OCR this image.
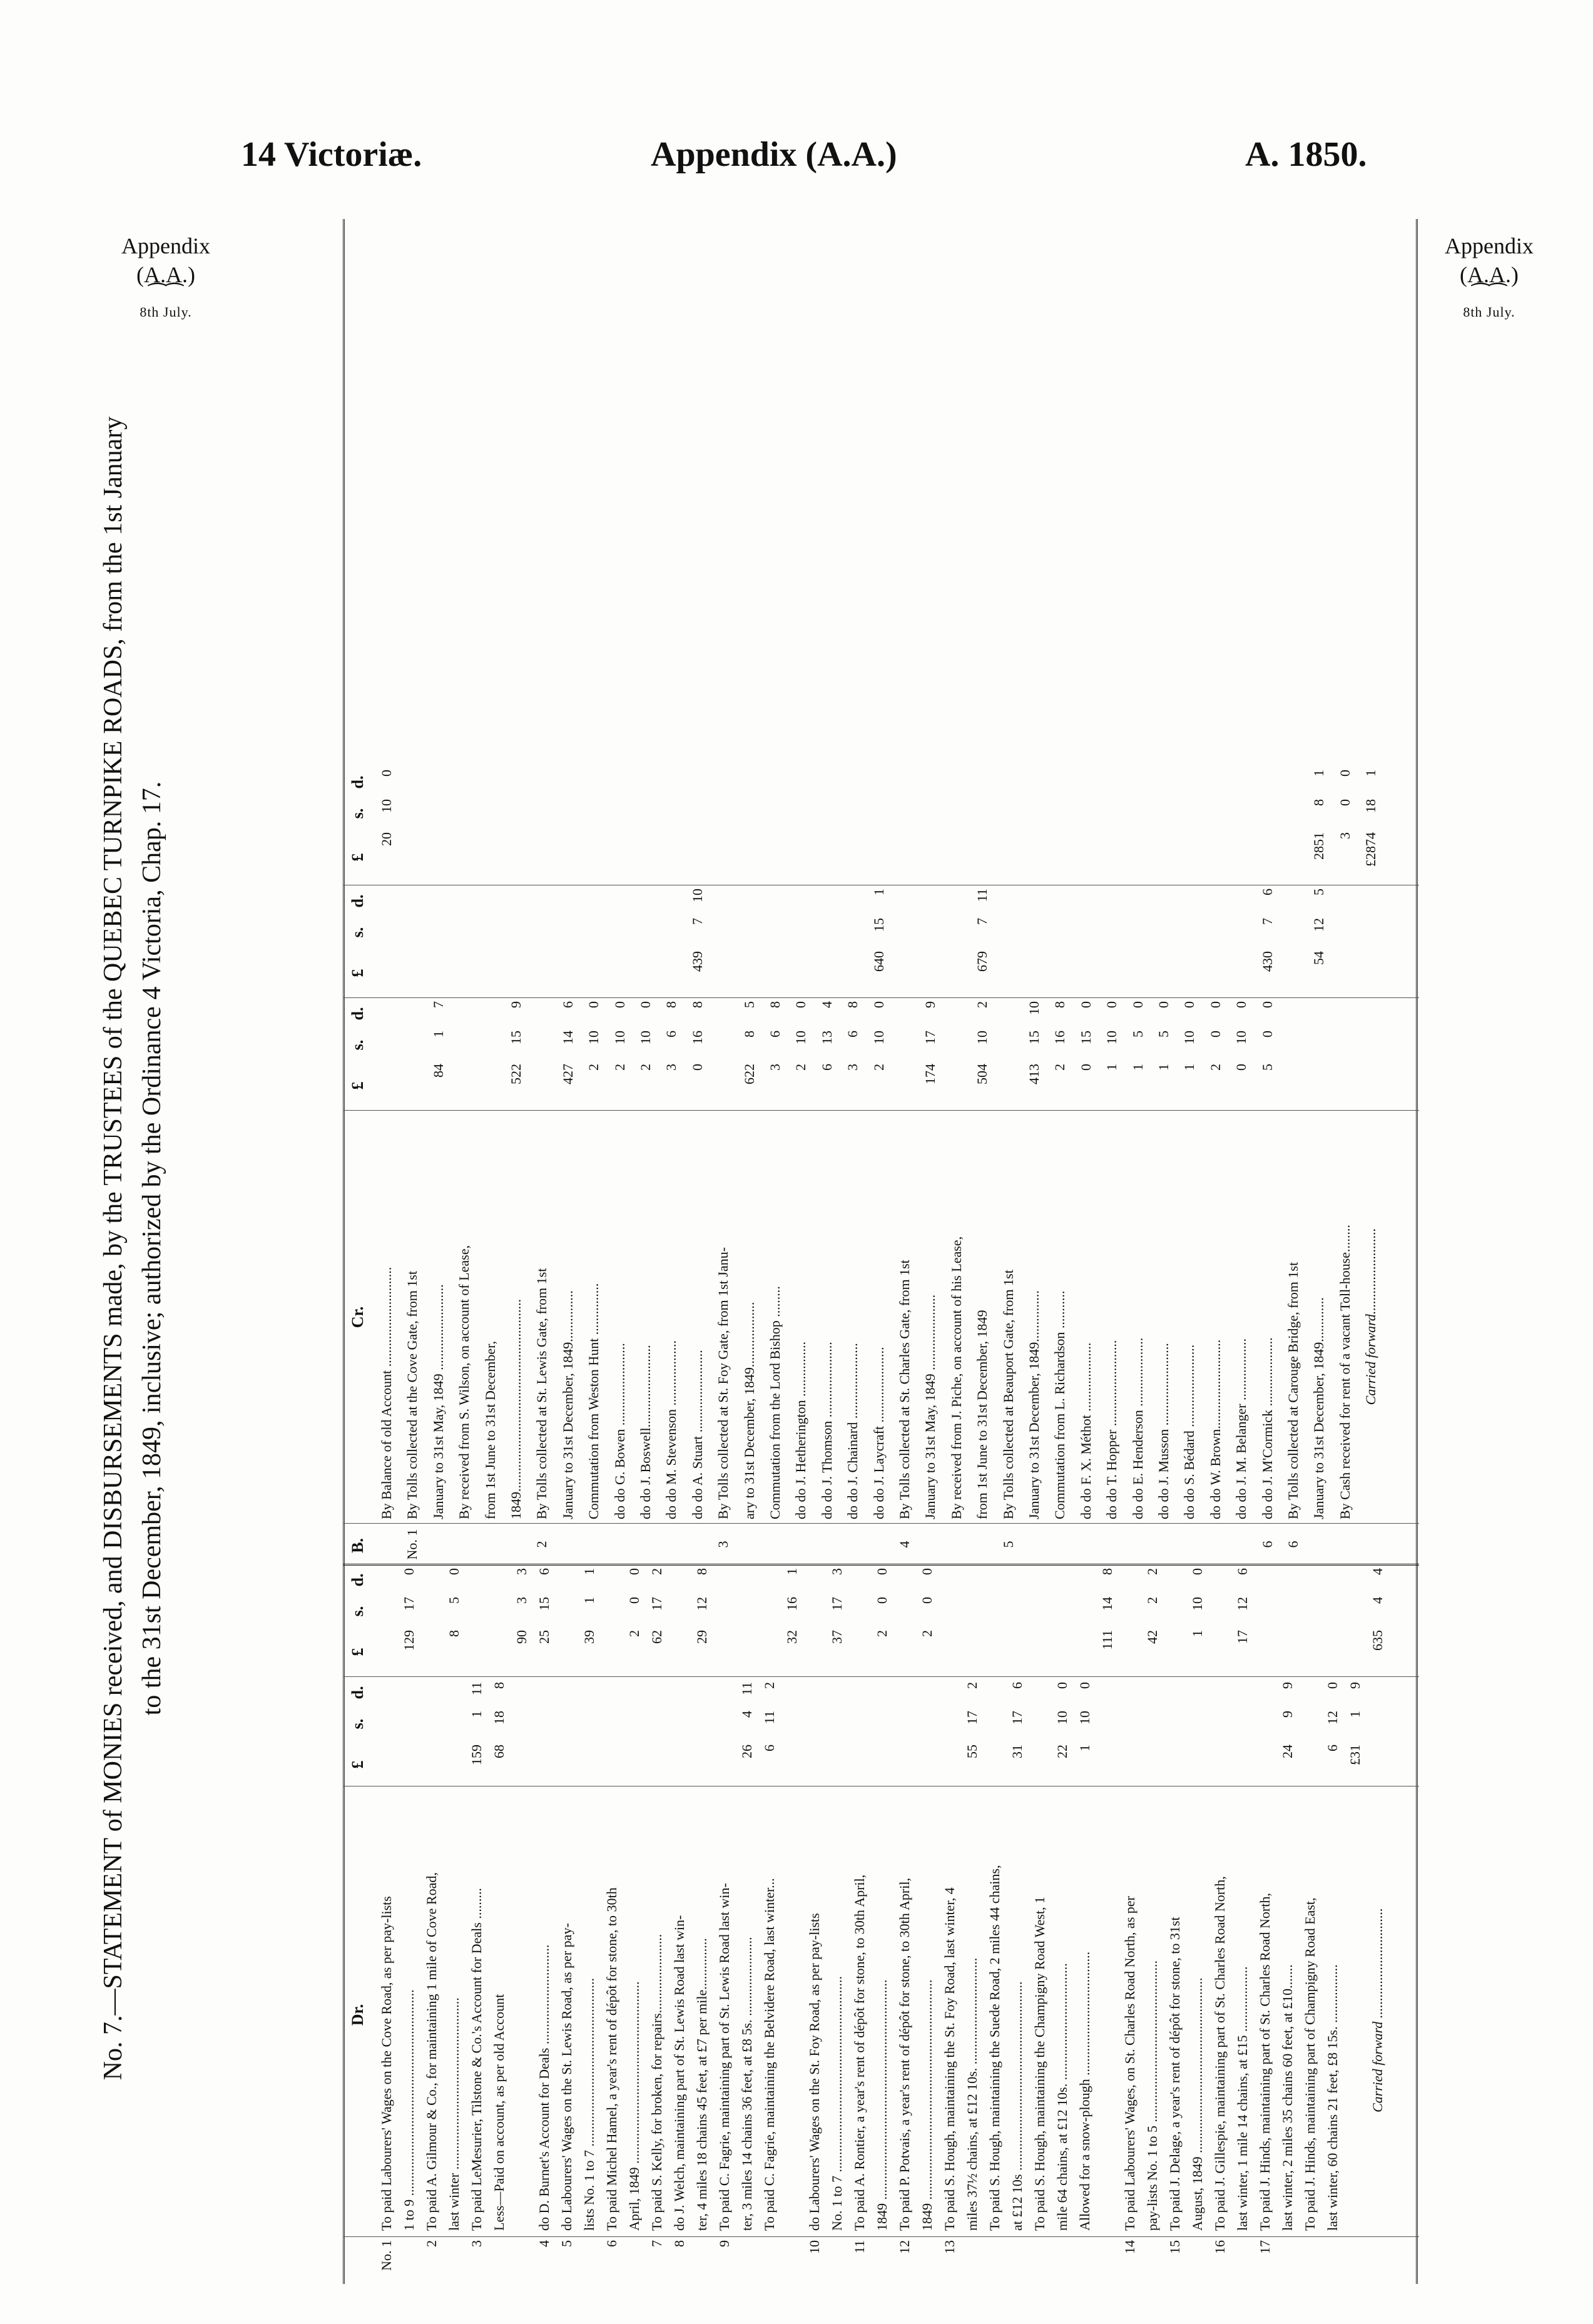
14 Victoriæ.	Appendix (A.A.)	A. 1850.
Appendix
(A.A.)
⁀⁀
8th July.
Appendix
(A.A.)
⁀⁀
8th July.
No. 7.—STATEMENT of MONIES received, and DISBURSEMENTS made, by the TRUSTEES of the QUEBEC TURNPIKE ROADS, from the 1st January to the 31st December, 1849, inclusive; authorized by the Ordinance 4 Victoria, Chap. 17.
Dr.
£
s.
d.
£
s.
d.
B.
Cr.
£
s.
d.
£
s.
d.
£
s.
d.
No. 1
To paid Labourers' Wages on the Cove Road, as per pay-lists 1 to 9 ............................................................
129
17
0
2
To paid A. Gilmour & Co., for maintaining 1 mile of Cove Road, last winter ..................................................
8
5
0
3
To paid LeMesurier, Tilstone & Co.'s Account for Deals .........
159
1
11
Less—Paid on account, as per old Account
68
18
8
90
3
3
4
do D. Burnet's Account for Deals .............................
25
15
6
5
do Labourers' Wages on the St. Lewis Road, as per pay- lists No. 1 to 7 .................................................
39
1
1
6
To paid Michel Hamel, a year's rent of dépôt for stone, to 30th April, 1849 .....................................................
2
0
0
7
To paid S. Kelly, for broken, for repairs.......................
62
17
2
8
do J. Welch, maintaining part of St. Lewis Road last win- ter, 4 miles 18 chains 45 feet, at £7 per mile...............
29
12
8
9
To paid C. Fagrie, maintaining part of St. Lewis Road last win- ter, 3 miles 14 chains 36 feet, at £8 5s. .......................
26
4
11
To paid C. Fagrie, maintaining the Belvidere Road, last winter...
6
11
2
32
16
1
10
do Labourers' Wages on the St. Foy Road, as per pay-lists No. 1 to 7 .........................................................
37
17
3
11
To paid A. Rontier, a year's rent of dépôt for stone, to 30th April, 1849 ................................................................
2
0
0
12
To paid P. Potvais, a year's rent of dépôt for stone, to 30th April, 1849 ................................................................
2
0
0
13
To paid S. Hough, maintaining the St. Foy Road, last winter, 4 miles 37½ chains, at £12 10s. ...............................
55
17
2
To paid S. Hough, maintaining the Suede Road, 2 miles 44 chains, at £12 10s .......................................................
31
17
6
To paid S. Hough, maintaining the Champigny Road West, 1 mile 64 chains, at £12 10s. ..................................
22
10
0
Allowed for a snow-plough ....................................
1
10
0
111
14
8
14
To paid Labourers' Wages, on St. Charles Road North, as per pay-lists No. 1 to 5 ...............................................
42
2
2
15
To paid J. Delage, a year's rent of dépôt for stone, to 31st August, 1849 ...................................................
1
10
0
16
To paid J. Gillespie, maintaining part of St. Charles Road North, last winter, 1 mile 14 chains, at £15 ...................
17
12
6
17
To paid J. Hinds, maintaining part of St. Charles Road North, last winter, 2 miles 35 chains 60 feet, at £10.......
24
9
9
To paid J. Hinds, maintaining part of Champigny Road East, last winter, 60 chains 21 feet, £8 15s. .................
6
12
0
£31
1
9
Carried forward ................................
635
4
4
By Balance of old Account .............................
20
10
0
No. 1
By Tolls collected at the Cove Gate, from 1st January to 31st May, 1849 .........................
84
1
7
By received from S. Wilson, on account of Lease, from 1st June to 31st December, 1849........................................................
522
15
9
2
By Tolls collected at St. Lewis Gate, from 1st January to 31st December, 1849...............
427
14
6
Commutation from Weston Hunt ...............
2
10
0
do do G. Bowen ........................
2
10
0
do do J. Boswell........................
2
10
0
do do M. Stevenson ...................
3
6
8
do do A. Stuart ........................
0
16
8
439
7
10
3
By Tolls collected at St. Foy Gate, from 1st Janu- ary to 31st December, 1849...................
622
8
5
Commutation from the Lord Bishop .........
3
6
8
do do J. Hetherington ................
2
10
0
do do J. Thomson ......................
6
13
4
do do J. Chainard ......................
3
6
8
do do J. Laycraft ......................
2
10
0
640
15
1
4
By Tolls collected at St. Charles Gate, from 1st January to 31st May, 1849 ......................
174
17
9
By received from J. Piche, on account of his Lease, from 1st June to 31st December, 1849
504
10
2
679
7
11
5
By Tolls collected at Beauport Gate, from 1st January to 31st December, 1849...............
413
15
10
Commutation from L. Richardson ...........
2
16
8
do do F. X. Méthot ....................
0
15
0
do do T. Hopper .........................
1
10
0
do do E. Henderson ....................
1
5
0
do do J. Musson ........................
1
5
0
do do S. Bédard ........................
1
10
0
do do W. Brown..........................
2
0
0
do do J. M. Belanger ..................
0
10
0
6
do do J. M'Cormick ....................
5
0
0
430
7
6
6
By Tolls collected at Carouge Bridge, from 1st January to 31st December, 1849.............
54
12
5
2851
8
1
By Cash received for rent of a vacant Toll-house........
3
0
0
Carried forward.........................
£2874
18
1
